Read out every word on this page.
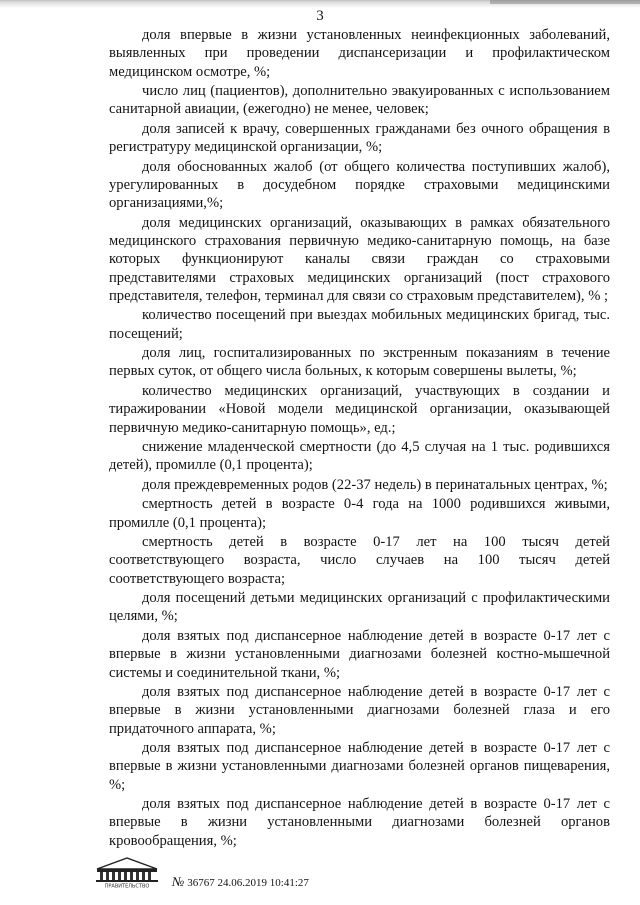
3

доля впервые в жизни установленных неинфекционных заболеваний, выявленных при проведении диспансеризации и профилактическом медицинском осмотре, %;

число лиц (пациентов), дополнительно эвакуированных с использованием санитарной авиации, (ежегодно) не менее, человек;

доля записей к врачу, совершенных гражданами без очного обращения в регистратуру медицинской организации, %;

доля обоснованных жалоб (от общего количества поступивших жалоб), урегулированных в досудебном порядке страховыми медицинскими организациями,%;

доля медицинских организаций, оказывающих в рамках обязательного медицинского страхования первичную медико-санитарную помощь, на базе которых функционируют каналы связи граждан со страховыми представителями страховых медицинских организаций (пост страхового представителя, телефон, терминал для связи со страховым представителем), % ;

количество посещений при выездах мобильных медицинских бригад, тыс. посещений;

доля лиц, госпитализированных по экстренным показаниям в течение первых суток, от общего числа больных, к которым совершены вылеты, %;

количество медицинских организаций, участвующих в создании и тиражировании «Новой модели медицинской организации, оказывающей первичную медико-санитарную помощь», ед.;

снижение младенческой смертности (до 4,5 случая на 1 тыс. родившихся детей), промилле (0,1 процента);

доля преждевременных родов (22-37 недель) в перинатальных центрах, %;

смертность детей в возрасте 0-4 года на 1000 родившихся живыми, промилле (0,1 процента);

смертность детей в возрасте 0-17 лет на 100 тысяч детей соответствующего возраста, число случаев на 100 тысяч детей соответствующего возраста;

доля посещений детьми медицинских организаций с профилактическими целями, %;

доля взятых под диспансерное наблюдение детей в возрасте 0-17 лет с впервые в жизни установленными диагнозами болезней костно-мышечной системы и соединительной ткани, %;

доля взятых под диспансерное наблюдение детей в возрасте 0-17 лет с впервые в жизни установленными диагнозами болезней глаза и его придаточного аппарата, %;

доля взятых под диспансерное наблюдение детей в возрасте 0-17 лет с впервые в жизни установленными диагнозами болезней органов пищеварения, %;

доля взятых под диспансерное наблюдение детей в возрасте 0-17 лет с впервые в жизни установленными диагнозами болезней органов кровообращения, %;

ПРАВИТЕЛЬСТВО № 36767 24.06.2019 10:41:27
